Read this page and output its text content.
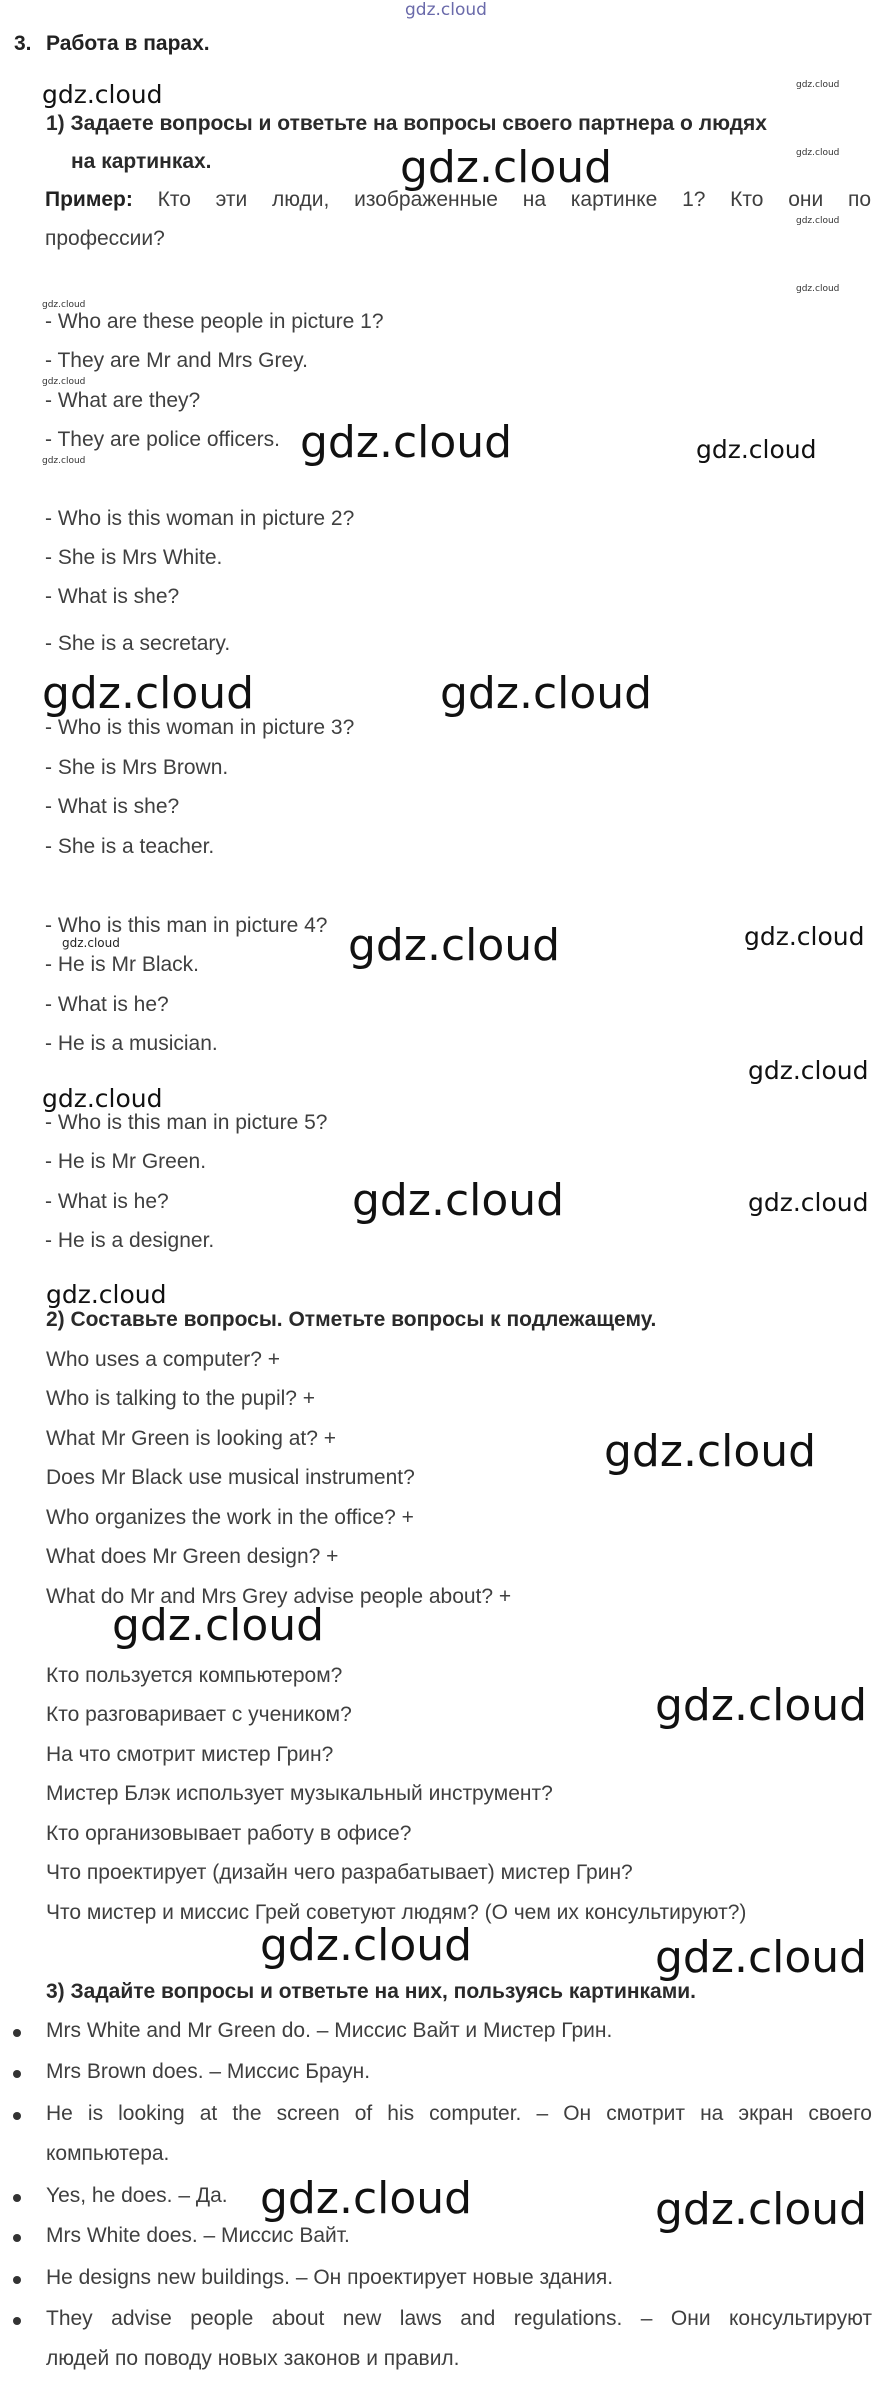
gdz.cloud
3. Работа в парах.
1) Задаете вопросы и ответьте на вопросы своего партнера о людях
на картинках.
Пример: Кто эти люди, изображенные на картинке 1? Кто они по
профессии?
- Who are these people in picture 1?
- They are Mr and Mrs Grey.
- What are they?
- They are police officers.
- Who is this woman in picture 2?
- She is Mrs White.
- What is she?
- She is a secretary.
- Who is this woman in picture 3?
- She is Mrs Brown.
- What is she?
- She is a teacher.
- Who is this man in picture 4?
- He is Mr Black.
- What is he?
- He is a musician.
- Who is this man in picture 5?
- He is Mr Green.
- What is he?
- He is a designer.
2) Составьте вопросы. Отметьте вопросы к подлежащему.
Who uses a computer? +
Who is talking to the pupil? +
What Mr Green is looking at? +
Does Mr Black use musical instrument?
Who organizes the work in the office? +
What does Mr Green design? +
What do Mr and Mrs Grey advise people about? +
Кто пользуется компьютером?
Кто разговаривает с учеником?
На что смотрит мистер Грин?
Мистер Блэк использует музыкальный инструмент?
Кто организовывает работу в офисе?
Что проектирует (дизайн чего разрабатывает) мистер Грин?
Что мистер и миссис Грей советуют людям? (О чем их консультируют?)
3) Задайте вопросы и ответьте на них, пользуясь картинками.
Mrs White and Mr Green do. – Миссис Вайт и Мистер Грин.
Mrs Brown does. – Миссис Браун.
He is looking at the screen of his computer. – Он смотрит на экран своего
компьютера.
Yes, he does. – Да.
Mrs White does. – Миссис Вайт.
He designs new buildings. – Он проектирует новые здания.
They advise people about new laws and regulations. – Они консультируют
людей по поводу новых законов и правил.
gdz.cloud
gdz.cloud
gdz.cloud	gdz.cloud
gdz.cloud	gdz.cloud
gdz.cloud
gdz.cloud	gdz.cloud
gdz.cloud
gdz.cloud
gdz.cloud	gdz.cloud
gdz.cloud
gdz.cloud
gdz.cloud
gdz.cloud
gdz.cloud	gdz.cloud
gdz.cloud	gdz.cloud
gdz.cloud
gdz.cloud
gdz.cloud
gdz.cloud
gdz.cloud
gdz.cloud
gdz.cloud
